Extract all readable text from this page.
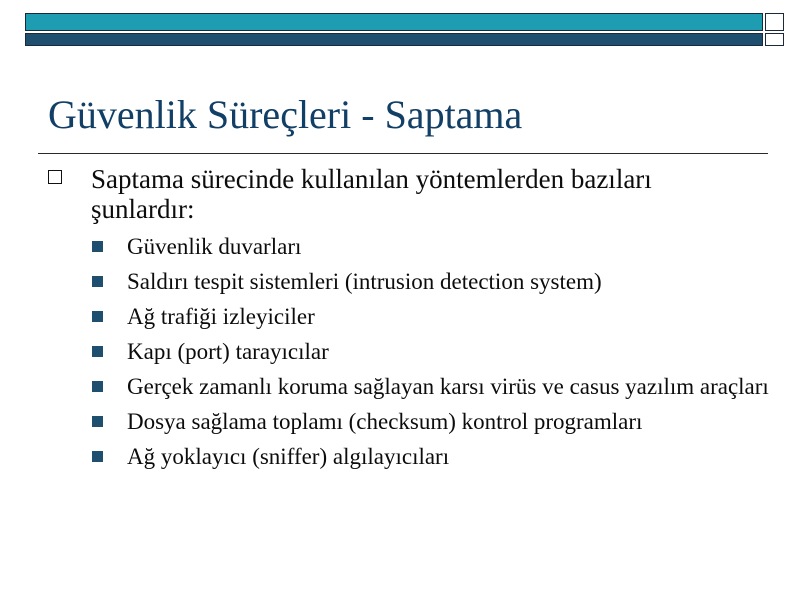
Güvenlik Süreçleri - Saptama
Saptama sürecinde kullanılan yöntemlerden bazıları şunlardır:
Güvenlik duvarları
Saldırı tespit sistemleri (intrusion detection system)
Ağ trafiği izleyiciler
Kapı (port) tarayıcılar
Gerçek zamanlı koruma sağlayan karsı virüs ve casus yazılım araçları
Dosya sağlama toplamı (checksum) kontrol programları
Ağ yoklayıcı (sniffer) algılayıcıları
